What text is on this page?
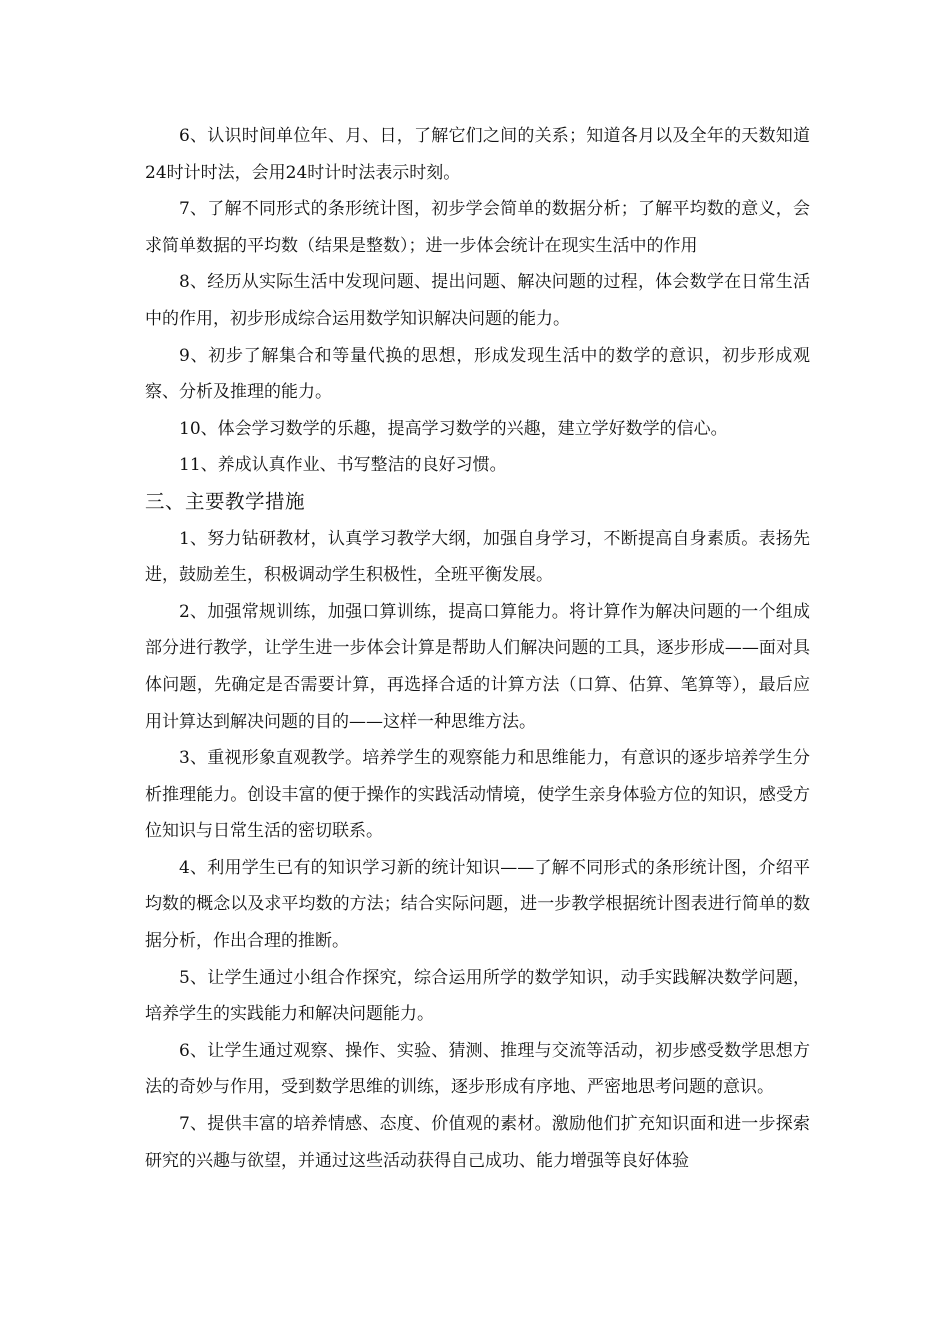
6、认识时间单位年、月、日，了解它们之间的关系；知道各月以及全年的天数知道24时计时法，会用24时计时法表示时刻。

7、了解不同形式的条形统计图，初步学会简单的数据分析；了解平均数的意义，会求简单数据的平均数（结果是整数）；进一步体会统计在现实生活中的作用

8、经历从实际生活中发现问题、提出问题、解决问题的过程，体会数学在日常生活中的作用，初步形成综合运用数学知识解决问题的能力。

9、初步了解集合和等量代换的思想，形成发现生活中的数学的意识，初步形成观察、分析及推理的能力。

10、体会学习数学的乐趣，提高学习数学的兴趣，建立学好数学的信心。

11、养成认真作业、书写整洁的良好习惯。

三、主要教学措施

1、努力钻研教材，认真学习教学大纲，加强自身学习，不断提高自身素质。表扬先进，鼓励差生，积极调动学生积极性，全班平衡发展。

2、加强常规训练，加强口算训练，提高口算能力。将计算作为解决问题的一个组成部分进行教学，让学生进一步体会计算是帮助人们解决问题的工具，逐步形成——面对具体问题，先确定是否需要计算，再选择合适的计算方法（口算、估算、笔算等），最后应用计算达到解决问题的目的——这样一种思维方法。

3、重视形象直观教学。培养学生的观察能力和思维能力，有意识的逐步培养学生分析推理能力。创设丰富的便于操作的实践活动情境，使学生亲身体验方位的知识，感受方位知识与日常生活的密切联系。

4、利用学生已有的知识学习新的统计知识——了解不同形式的条形统计图，介绍平均数的概念以及求平均数的方法；结合实际问题，进一步教学根据统计图表进行简单的数据分析，作出合理的推断。

5、让学生通过小组合作探究，综合运用所学的数学知识，动手实践解决数学问题，培养学生的实践能力和解决问题能力。

6、让学生通过观察、操作、实验、猜测、推理与交流等活动，初步感受数学思想方法的奇妙与作用，受到数学思维的训练，逐步形成有序地、严密地思考问题的意识。

7、提供丰富的培养情感、态度、价值观的素材。激励他们扩充知识面和进一步探索研究的兴趣与欲望，并通过这些活动获得自己成功、能力增强等良好体验
